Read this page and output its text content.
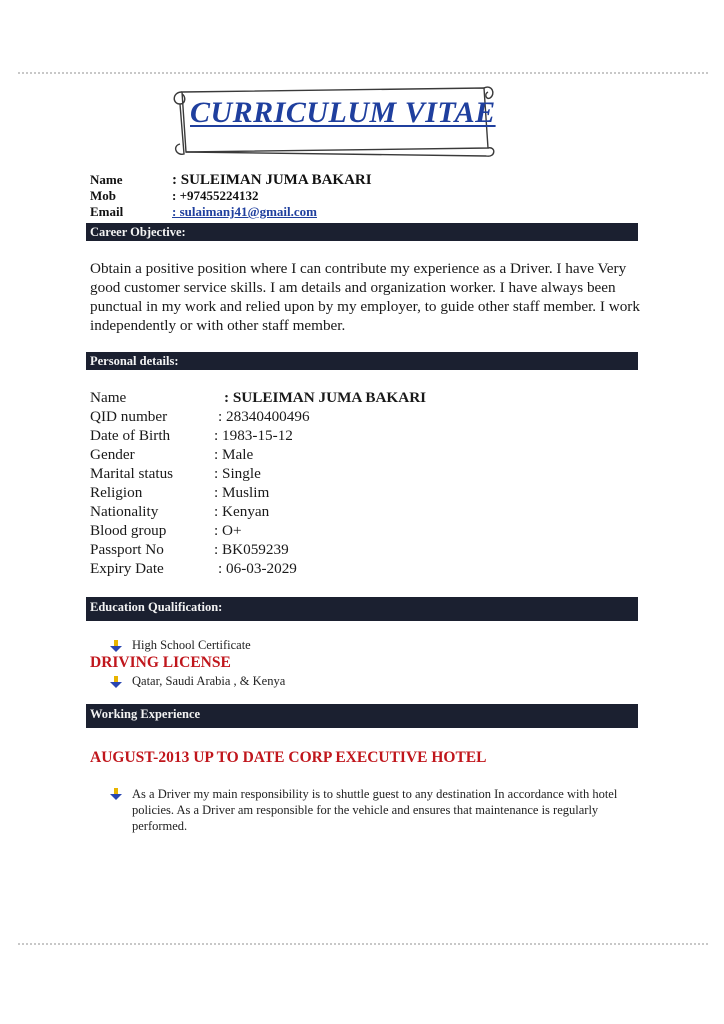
CURRICULUM VITAE
Name	: SULEIMAN JUMA BAKARI
Mob	: +97455224132
Email	: sulaimanj41@gmail.com
Career Objective:
Obtain a positive position where I can contribute my experience as a Driver. I have Very good customer service skills. I am details and organization worker. I have always been punctual in my work and relied upon by my employer, to guide other staff member. I work independently or with other staff member.
Personal details:
Name	: SULEIMAN JUMA BAKARI
QID number	: 28340400496
Date of Birth	: 1983-15-12
Gender	: Male
Marital status	: Single
Religion	: Muslim
Nationality	: Kenyan
Blood group	: O+
Passport No	: BK059239
Expiry Date	: 06-03-2029
Education Qualification:
High School Certificate
DRIVING LICENSE
Qatar, Saudi Arabia , & Kenya
Working Experience
AUGUST-2013 UP TO DATE CORP EXECUTIVE HOTEL
As a Driver my main responsibility is to shuttle guest to any destination In accordance with hotel policies. As a Driver am responsible for the vehicle and ensures that maintenance is regularly performed.
